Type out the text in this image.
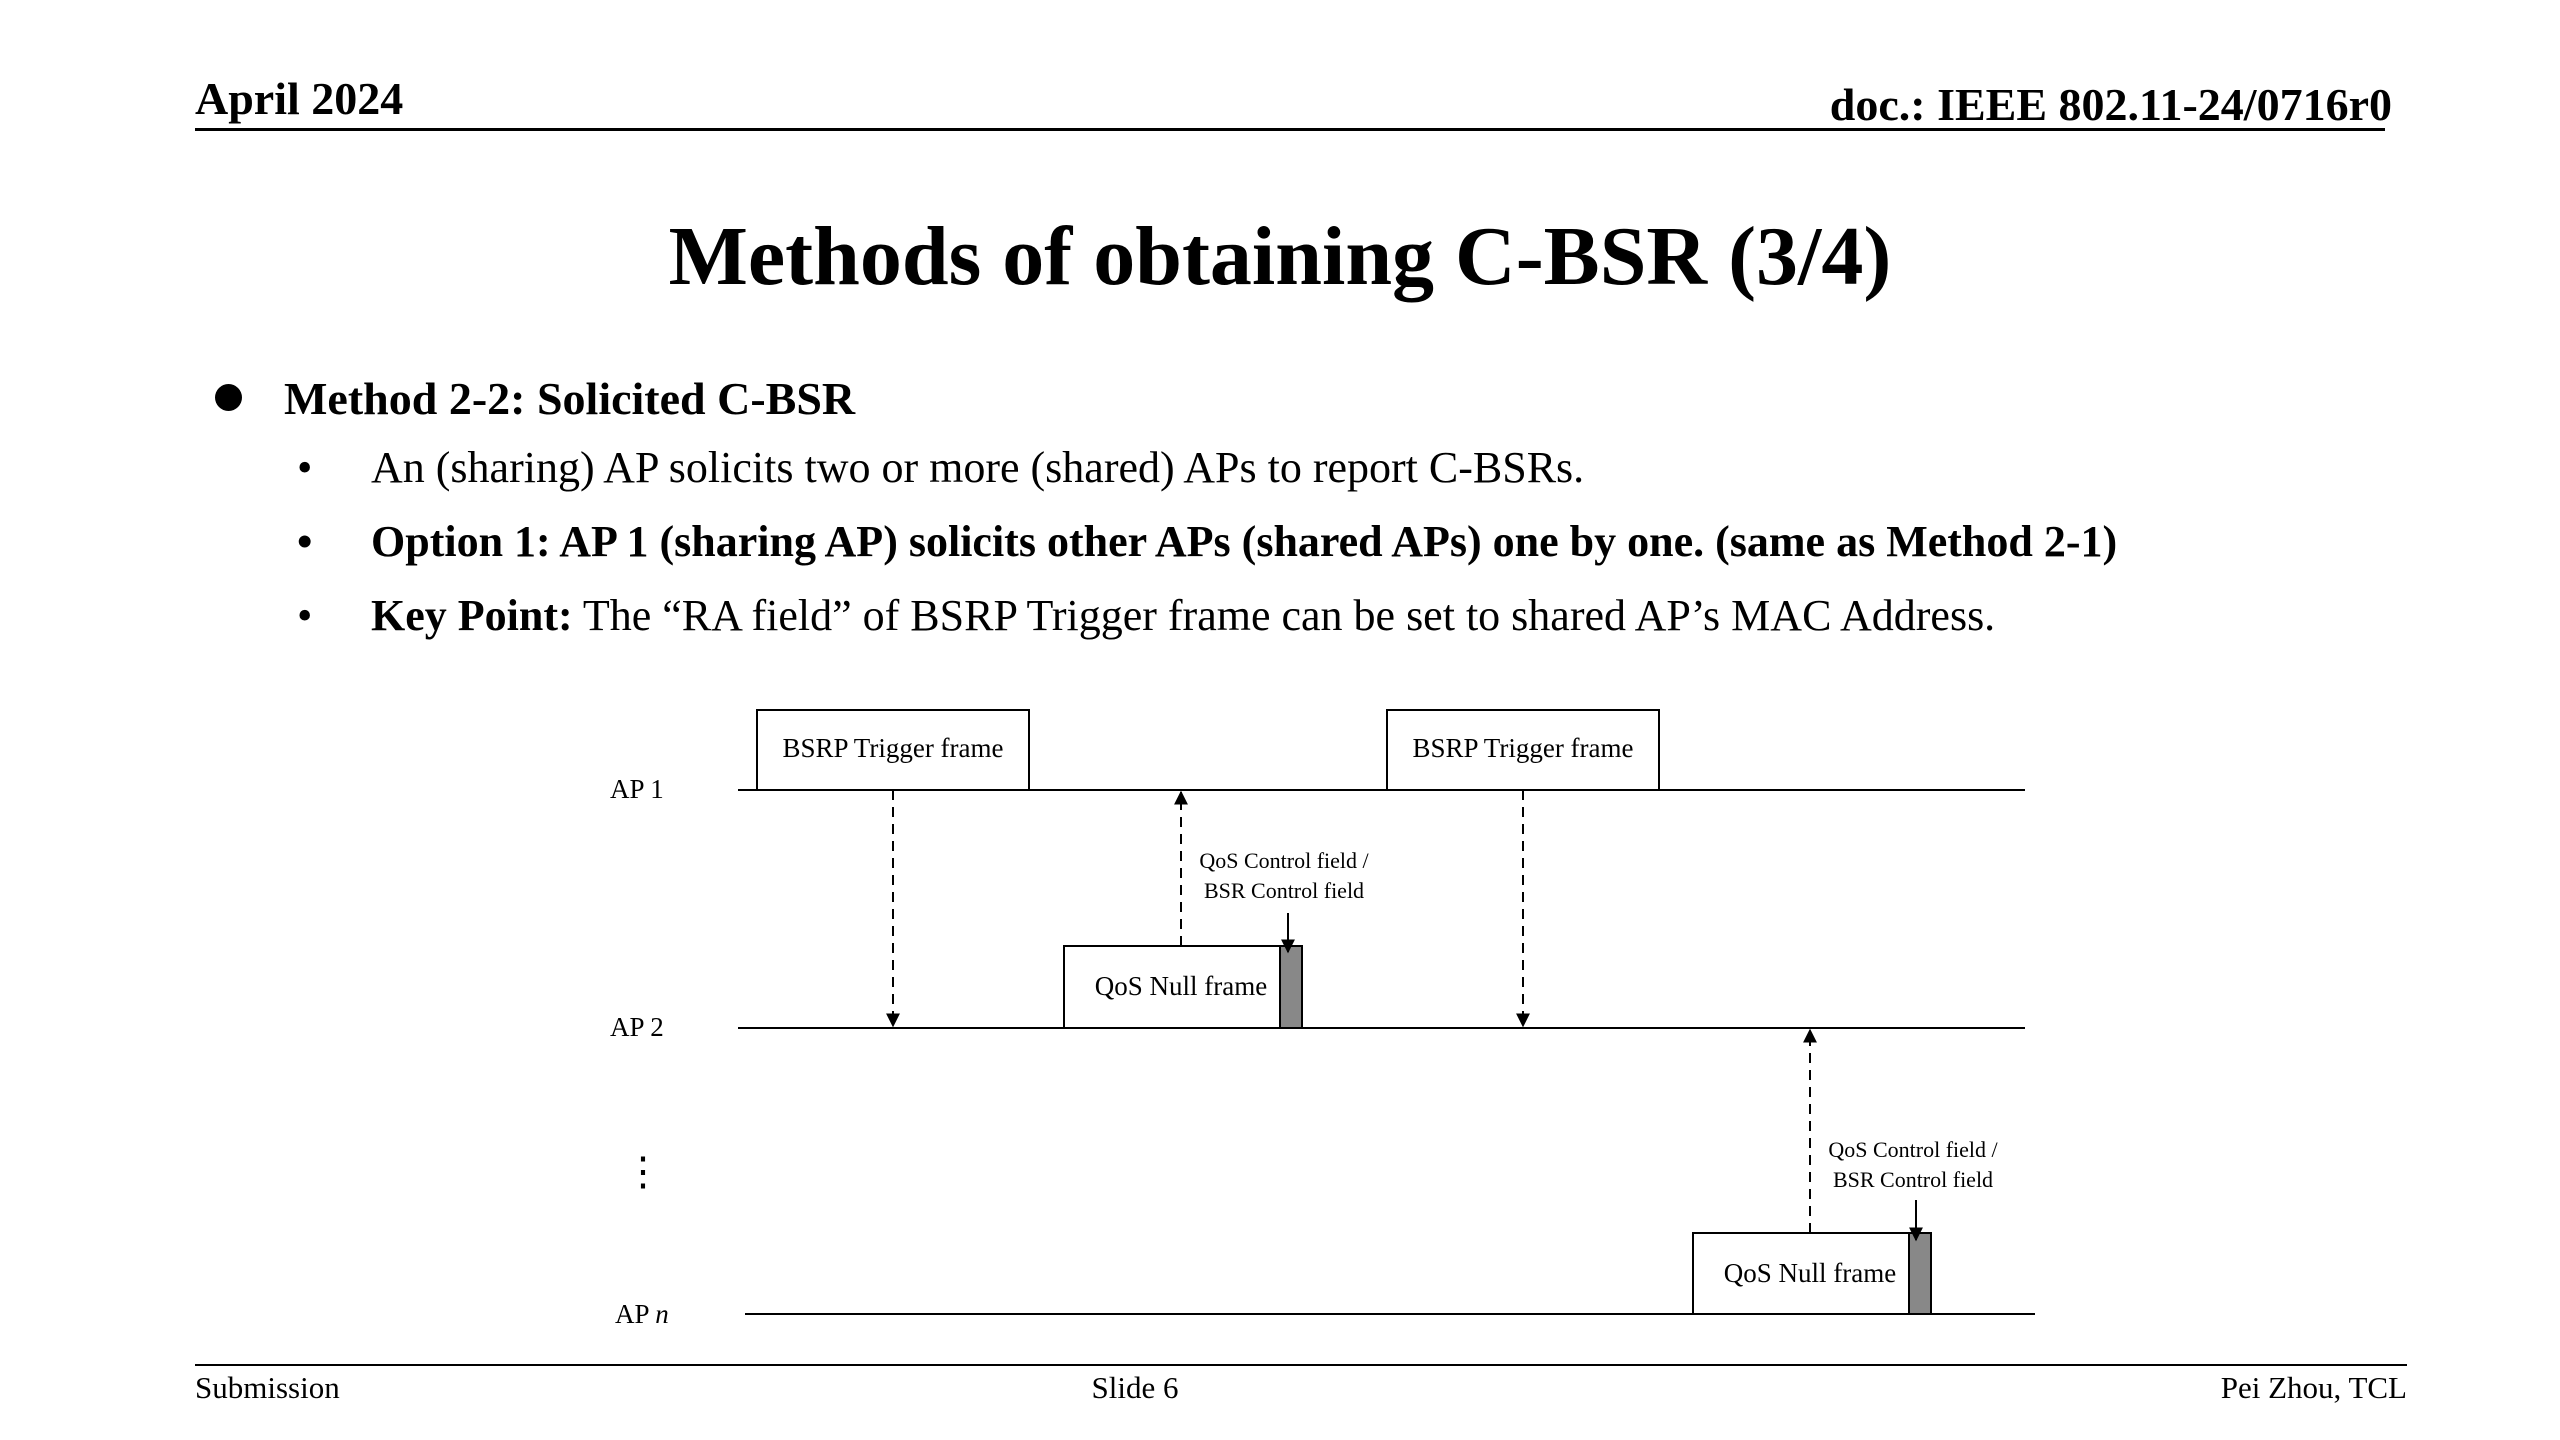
April 2024	doc.: IEEE 802.11-24/0716r0
Methods of obtaining C-BSR (3/4)
Method 2-2: Solicited C-BSR
• An (sharing) AP solicits two or more (shared) APs to report C-BSRs.
• Option 1: AP 1 (sharing AP) solicits other APs (shared APs) one by one. (same as Method 2-1)
• Key Point: The “RA field” of BSRP Trigger frame can be set to shared AP’s MAC Address.
AP 1
AP 2
⋮
AP n
BSRP Trigger frame	BSRP Trigger frame
QoS Null frame
QoS Control field /
BSR Control field
QoS Null frame
QoS Control field /
BSR Control field
Submission	Slide 6	Pei Zhou, TCL
